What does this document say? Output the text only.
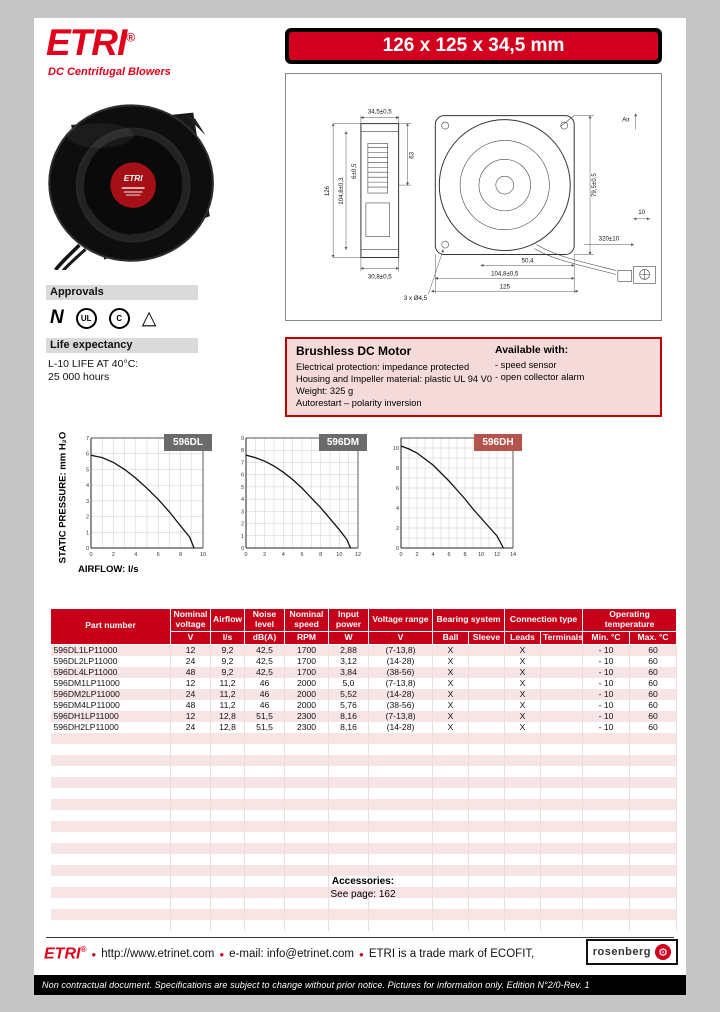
ETRI®
DC Centrifugal Blowers
126 x 125 x 34,5 mm
ETRI
34,5±0,5
126 104,8±0,3
6±0,5
63
30,8±0,5
79,5±0,5
Air
10
320±10
50,4
104,8±0,5
125
3 x Ø4,5
Approvals
N	UL	C	△
Life expectancy
L-10 LIFE AT 40°C:
25 000 hours
Brushless DC Motor
Electrical protection: impedance protected
Housing and Impeller material: plastic UL 94 V0
Weight: 325 g
Autorestart – polarity inversion
Available with:
- speed sensor
- open collector alarm
STATIC PRESSURE: mm H₂O	0	2	4	6	8	10
0
1
2
3
4
5
6
7
0	2	4	6	8	10 12
0
1
2
3
4
5
6
7
8
9
0 2 4 6 8 10 12 14
0
2
4
6
8
10
596DL	596DM	596DH
AIRFLOW: l/s
Part number	Nominal voltage	Airflow	Noise level	Nominal speed	Input power	Voltage range	Bearing system		Connection type		Operating temperature	
	V	l/s	dB(A)	RPM	W	V	Ball	Sleeve	Leads	Terminals	Min. °C	Max. °C
596DL1LP11000	12	9,2	42,5	1700	2,88	(7-13,8)	X		X		- 10	60
596DL2LP11000	24	9,2	42,5	1700	3,12	(14-28)	X		X		- 10	60
596DL4LP11000	48	9,2	42,5	1700	3,84	(38-56)	X		X		- 10	60
596DM1LP11000	12	11,2	46	2000	5,0	(7-13,8)	X		X		- 10	60
596DM2LP11000	24	11,2	46	2000	5,52	(14-28)	X		X		- 10	60
596DM4LP11000	48	11,2	46	2000	5,76	(38-56)	X		X		- 10	60
596DH1LP11000	12	12,8	51,5	2300	8,16	(7-13,8)	X		X		- 10	60
596DH2LP11000	24	12,8	51,5	2300	8,16	(14-28)	X		X		- 10	60

Accessories:
See page: 162
ETRI®
● http://www.etrinet.com ● e-mail: info@etrinet.com ● ETRI is a trade mark of ECOFIT,	rosenberg ⚙
Non contractual document. Specifications are subject to change without prior notice. Pictures for information only. Edition N°2/0-Rev. 1
